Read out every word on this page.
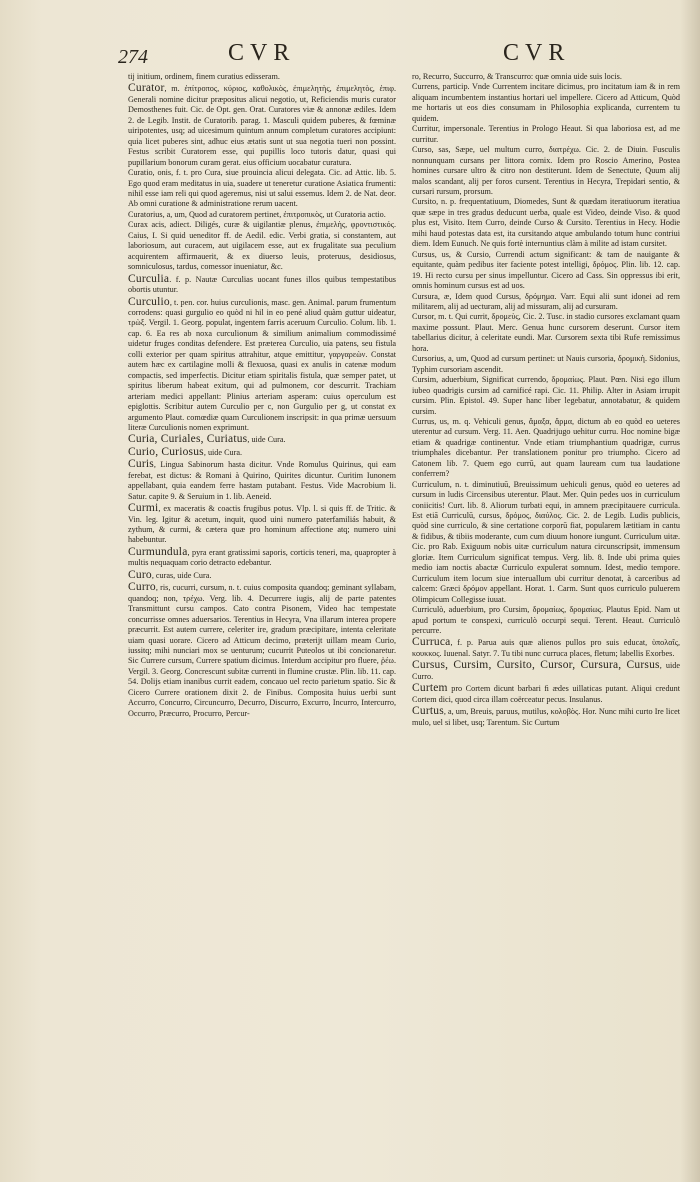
274	CVR	CVR

tij initium, ordinem, finem curatius edisseram.

Curator, m. ἐπίτροπος, κύριος, καθολικὸς, ἐπιμελητὴς, ἐπιμελητὸς, ἐπιφ. Generali nomine dicitur præpositus alicui negotio, ut, Reficiendis muris curator Demosthenes fuit. Cic. de Opt. gen. Orat. Curatores viæ & annonæ ædiles. Idem 2. de Legib. Instit. de Curatorib. parag. 1. Masculi quidem puberes, & fœminæ uiripotentes, usq; ad uicesimum quintum annum completum curatores accipiunt: quia licet puberes sint, adhuc eius ætatis sunt ut sua negotia tueri non possint. Festus scribit Curatorem esse, qui pupillis loco tutoris datur, quasi qui pupillarium bonorum curam gerat. eius officium uocabatur curatura.

Curatio, onis, f. t. pro Cura, siue prouincia alicui delegata. Cic. ad Attic. lib. 5. Ego quod eram meditatus in uia, suadere ut teneretur curatione Asiatica frumenti: nihil esse iam reli qui quod ageremus, nisi ut salui essemus. Idem 2. de Nat. deor. Ab omni curatione & administratione rerum uacent.

Curatorius, a, um, Quod ad curatorem pertinet, ἐπιτροπικὸς, ut Curatoria actio.

Curax acis, adiect. Diligés, curæ & uigilantiæ plenus, ἐπιμελὴς, φροντιστικός. Caius, I. Si quid ueneditor ff. de Aedil. edic. Verbi gratia, si constantem, aut laboriosum, aut curacem, aut uigilacem esse, aut ex frugalitate sua peculium acquirentem affirmauerit, & ex diuerso leuis, proteruus, desidiosus, somniculosus, tardus, comessor inueniatur, &c.

Curculia. f. p. Nautæ Curculias uocant funes illos quibus tempestatibus obortis utuntur.

Curculio, t. pen. cor. huius curculionis, masc. gen. Animal. parum frumentum corrodens: quasi gurgulio eo quòd ni hil in eo pené aliud quàm guttur uideatur, τρὼξ. Vergil. 1. Georg. populat, ingentem farris aceruum Curculio. Colum. lib. 1. cap. 6. Ea res ab noxa curculionum & similium animalium commodissimé uidetur fruges conditas defendere. Est præterea Curculio, uia patens, seu fistula colli exterior per quam spiritus attrahitur, atque emittitur, γαργαρεὼν. Constat autem hæc ex cartilagine molli & flexuosa, quasi ex anulis in catenæ modum compactis, sed imperfectis. Dicitur etiam spiritalis fistula, quæ semper patet, ut spiritus liberum habeat exitum, qui ad pulmonem, cor descurrit. Trachiam arteriam medici appellant: Plinius arteriam asperam: cuius operculum est epiglottis. Scribitur autem Curculio per c, non Gurgulio per g, ut constat ex argumento Plaut. comœdiæ quam Curculionem inscripsit: in qua primæ uersuum literæ Curculionis nomen exprimunt.

Curia, Curiales, Curiatus, uide Cura.

Curio, Curiosus, uide Cura.

Curis, Lingua Sabinorum hasta dicitur. Vnde Romulus Quirinus, qui eam ferebat, est dictus: & Romani à Quirino, Quirites dicuntur. Curitim Iunonem appellabant, quia eandem ferre hastam putabant. Festus. Vide Macrobium li. Satur. capite 9. & Seruium in 1. lib. Aeneid.

Curmi, ex maceratis & coactis frugibus potus. Vlp. l. si quis ff. de Tritic. & Vin. leg. Igitur & acetum, inquit, quod uini numero paterfamiliás habuit, & zythum, & curmi, & cætera quæ pro hominum affectione atq; numero uini habebuntur.

Curmundula, pyra erant gratissimi saporis, corticis teneri, ma, quapropter à multis nequaquam corio detracto edebantur.

Curo, curas, uide Cura.

Curro, ris, cucurri, cursum, n. t. cuius composita quandoq; geminant syllabam, quandoq; non, τρέχω. Verg. lib. 4. Decurrere iugis, alij de parte patentes Transmittunt cursu campos. Cato contra Pisonem, Video hac tempestate concurrisse omnes aduersarios. Terentius in Hecyra, Vna illarum interea propere præcurrit. Est autem currere, celeriter ire, gradum præcipitare, intenta celeritate uiam quasi uorare. Cicero ad Atticum decimo, præterijt uillam meam Curio, iussitq; mihi nunciari mox se uenturum; cucurrit Puteolos ut ibi concionaretur. Sic Currere cursum, Currere spatium dicimus. Interdum accipitur pro fluere, ῥέω. Vergil. 3. Georg. Concrescunt subitæ currenti in flumine crustæ. Plin. lib. 11. cap. 54. Dolijs etiam inanibus currit eadem, concauo uel recto parietum spatio. Sic & Cicero Currere orationem dixit 2. de Finibus. Composita huius uerbi sunt Accurro, Concurro, Circuncurro, Decurro, Discurro, Excurro, Incurro, Intercurro, Occurro, Præcurro, Procurro, Percur-

ro, Recurro, Succurro, & Transcurro: quæ omnia uide suis locis.

Currens, particip. Vnde Currentem incitare dicimus, pro incitatum iam & in rem aliquam incumbentem instantius hortari uel impellere. Cicero ad Atticum, Quòd me hortaris ut eos dies consumam in Philosophia explicanda, currentem tu quidem.

Curritur, impersonale. Terentius in Prologo Heaut. Si qua laboriosa est, ad me curritur.

Curso, sas, Sæpe, uel multum curro, διατρέχω. Cic. 2. de Diuin. Fusculis nonnunquam cursans per littora cornix. Idem pro Roscio Amerino, Postea homines cursare ultro & citro non destiterunt. Idem de Senectute, Quum alij malos scandant, alij per foros cursent. Terentius in Hecyra, Trepidari sentio, & cursari rursum, prorsum.

Cursito, n. p. frequentatiuum, Diomedes, Sunt & quædam iteratiuorum iteratiua quæ sæpe in tres gradus deducunt uerba, quale est Video, deinde Viso. & quod plus est, Visito. Item Curro, deinde Curso & Cursito. Terentius in Hecy. Hodie mihi haud potestas data est, ita cursitando atque ambulando totum hunc contriui diem. Idem Eunuch. Ne quis fortè internuntius clàm à milite ad istam cursitet.

Cursus, us, & Cursio, Currendi actum significant: & tam de nauigante & equitante, quàm pedibus iter faciente potest intelligi, δρόμος. Plin. lib. 12. cap. 19. Hi recto cursu per sinus impelluntur. Cicero ad Cass. Sin oppressus ibi erit, omnis hominum cursus est ad uos.

Cursura, æ, Idem quod Cursus, δρόμημα. Varr. Equi alii sunt idonei ad rem militarem, alij ad uecturam, alij ad missuram, alij ad cursuram.

Cursor, m. t. Qui currit, δρομεὺς, Cic. 2. Tusc. in stadio cursores exclamant quam maxime possunt. Plaut. Merc. Genua hunc cursorem deserunt. Cursor item tabellarius dicitur, à celeritate eundi. Mar. Cursorem sexta tibi Rufe remissimus hora.

Cursorius, a, um, Quod ad cursum pertinet: ut Nauis cursoria, δρομικὴ. Sidonius, Typhim cursoriam ascendit.

Cursim, aduerbium, Significat currendo, δρομαίως. Plaut. Pœn. Nisi ego illum iubeo quadrigis cursim ad carnificé rapi. Cic. 11. Philip. Alter in Asiam irrupit cursim. Plin. Epistol. 49. Super hanc liber legebatur, annotabatur, & quidem cursim.

Currus, us, m. q. Vehiculi genus, ἅμαξα, ἅρμα, dictum ab eo quòd eo ueteres uterentur ad cursum. Verg. 11. Aen. Quadrijugo uehitur curru. Hoc nomine bigæ etiam & quadrigæ continentur. Vnde etiam triumphantium quadrigæ, currus triumphales dicebantur. Per translationem ponitur pro triumpho. Cicero ad Catonem lib. 7. Quem ego currū, aut quam lauream cum tua laudatione conferrem?

Curriculum, n. t. diminutiuū, Breuissimum uehiculi genus, quòd eo ueteres ad cursum in ludis Circensibus uterentur. Plaut. Mer. Quin pedes uos in curriculum coniicitis! Curt. lib. 8. Aliorum turbati equi, in amnem præcipitauere curricula. Est etiā Curriculū, cursus, δρόμος, διαύλος. Cic. 2. de Legib. Ludis publicis, quòd sine curriculo, & sine certatione corporū fiat, popularem lætitiam in cantu & fidibus, & tibiis moderante, cum cum diuum honore iungunt. Curriculum uitæ. Cic. pro Rab. Exiguum nobis uitæ curriculum natura circunscripsit, immensum gloriæ. Item Curriculum significat tempus. Verg. lib. 8. Inde ubi prima quies medio iam noctis abactæ Curriculo expulerat somnum. Idest, medio tempore. Curriculum item locum siue interuallum ubi curritur denotat, à carceribus ad calcem: Græci δρόμον appellant. Horat. 1. Carm. Sunt quos curriculo puluerem Olimpicum Collegisse iuuat.

Curriculò, aduerbium, pro Cursim, δρομαίως, δρομαίως. Plautus Epid. Nam ut apud portum te conspexi, curriculò occurpi sequi. Terent. Heaut. Curriculò percurre.

Curruca, f. p. Parua auis quæ alienos pullos pro suis educat, ὑπολαΐς, κουκκος. Iuuenal. Satyr. 7. Tu tibi nunc curruca places, fletum; labellis Exorbes.

Cursus, Cursim, Cursito, Cursor, Cursura, Cursus, uide Curro.

Curtem pro Cortem dicunt barbari ﬁ ædes uillaticas putant. Aliqui credunt Cortem dici, quod circa illam coërceatur pecus. Insulanus.

Curtus, a, um, Breuis, paruus, mutilus, κολοβὸς. Hor. Nunc mihi curto Ire licet mulo, uel si libet, usq; Tarentum. Sic Curtum
